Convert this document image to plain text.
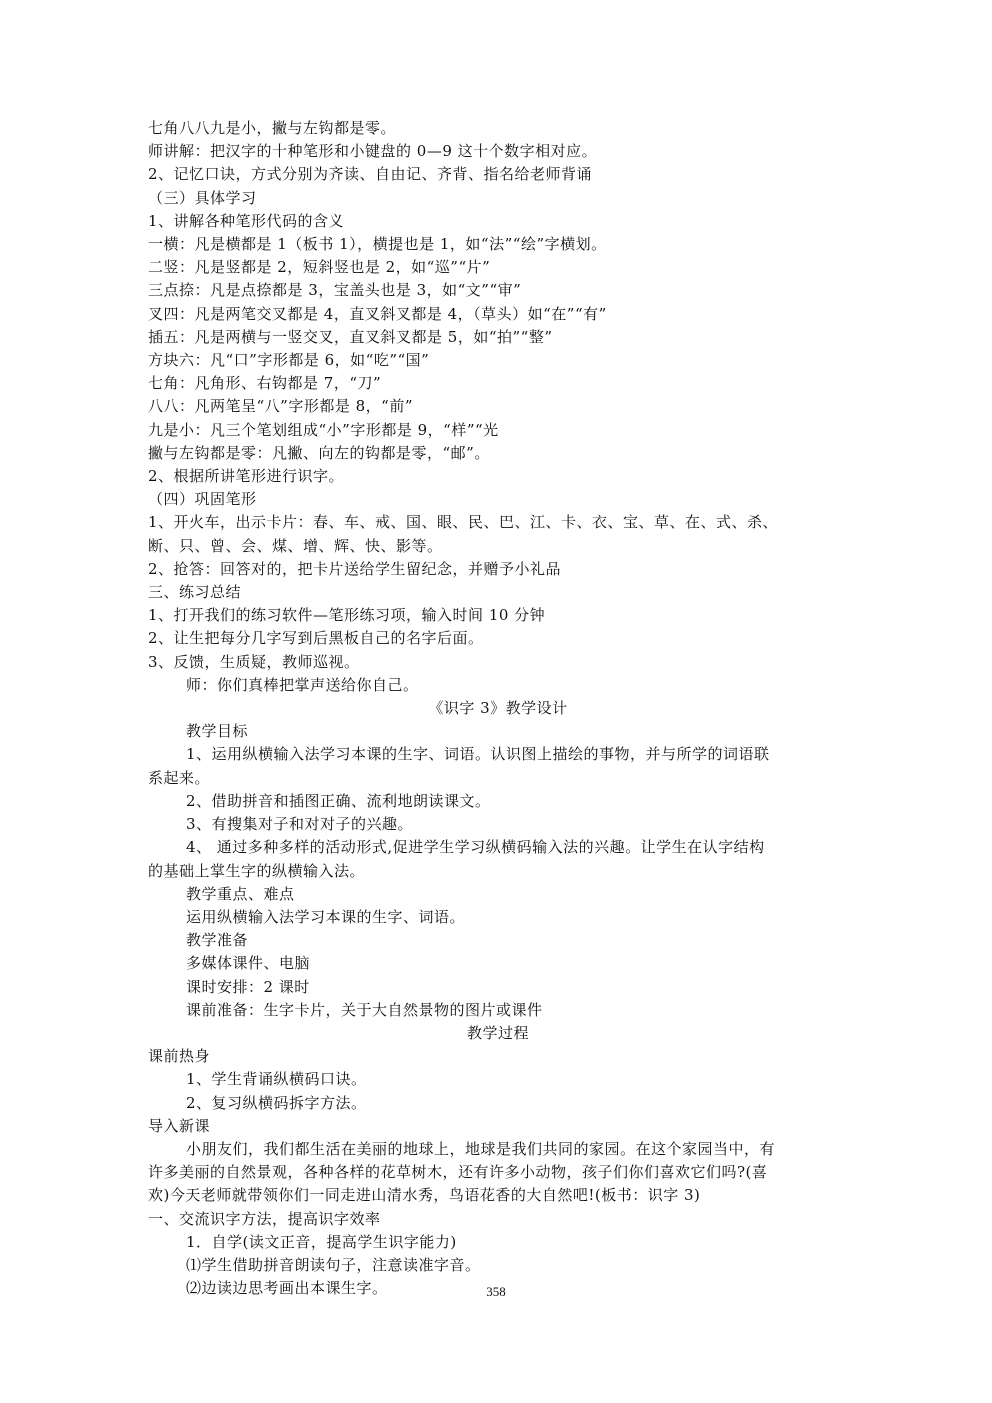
七角八八九是小，撇与左钩都是零。
师讲解：把汉字的十种笔形和小键盘的 0—9 这十个数字相对应。
2、记忆口诀，方式分别为齐读、自由记、齐背、指名给老师背诵
（三）具体学习
1、讲解各种笔形代码的含义
一横：凡是横都是 1（板书 1），横提也是 1，如“法”“绘”字横划。
二竖：凡是竖都是 2，短斜竖也是 2，如“巡”“片”
三点捺：凡是点捺都是 3，宝盖头也是 3，如“文”“审”
叉四：凡是两笔交叉都是 4，直叉斜叉都是 4，（草头）如“在”“有”
插五：凡是两横与一竖交叉，直叉斜叉都是 5，如“拍”“整”
方块六：凡“口”字形都是 6，如“吃”“国”
七角：凡角形、右钩都是 7，“刀”
八八：凡两笔呈“八”字形都是 8，“前”
九是小：凡三个笔划组成“小”字形都是 9，“样”“光
撇与左钩都是零：凡撇、向左的钩都是零，“邮”。
2、根据所讲笔形进行识字。
（四）巩固笔形
1、开火车，出示卡片：春、车、戒、国、眼、民、巴、江、卡、衣、宝、草、在、式、杀、
断、只、曾、会、煤、增、辉、快、影等。
2、抢答：回答对的，把卡片送给学生留纪念，并赠予小礼品
三、练习总结
1、打开我们的练习软件—笔形练习项，输入时间 10 分钟
2、让生把每分几字写到后黑板自己的名字后面。
3、反馈，生质疑，教师巡视。
师：你们真棒把掌声送给你自己。
《识字 3》教学设计
教学目标
1、运用纵横输入法学习本课的生字、词语。认识图上描绘的事物，并与所学的词语联
系起来。
2、借助拼音和插图正确、流利地朗读课文。
3、有搜集对子和对对子的兴趣。
4、 通过多种多样的活动形式,促进学生学习纵横码输入法的兴趣。让学生在认字结构
的基础上掌生字的纵横输入法。
教学重点、难点
运用纵横输入法学习本课的生字、词语。
教学准备
多媒体课件、电脑
课时安排：2 课时
课前准备：生字卡片，关于大自然景物的图片或课件
教学过程
课前热身
1、学生背诵纵横码口诀。
2、复习纵横码拆字方法。
导入新课
小朋友们，我们都生活在美丽的地球上，地球是我们共同的家园。在这个家园当中，有
许多美丽的自然景观，各种各样的花草树木，还有许多小动物，孩子们你们喜欢它们吗?(喜
欢)今天老师就带领你们一同走进山清水秀，鸟语花香的大自然吧!(板书：识字 3)
一、交流识字方法，提高识字效率
1．自学(读文正音，提高学生识字能力)
⑴学生借助拼音朗读句子，注意读准字音。
⑵边读边思考画出本课生字。	358
